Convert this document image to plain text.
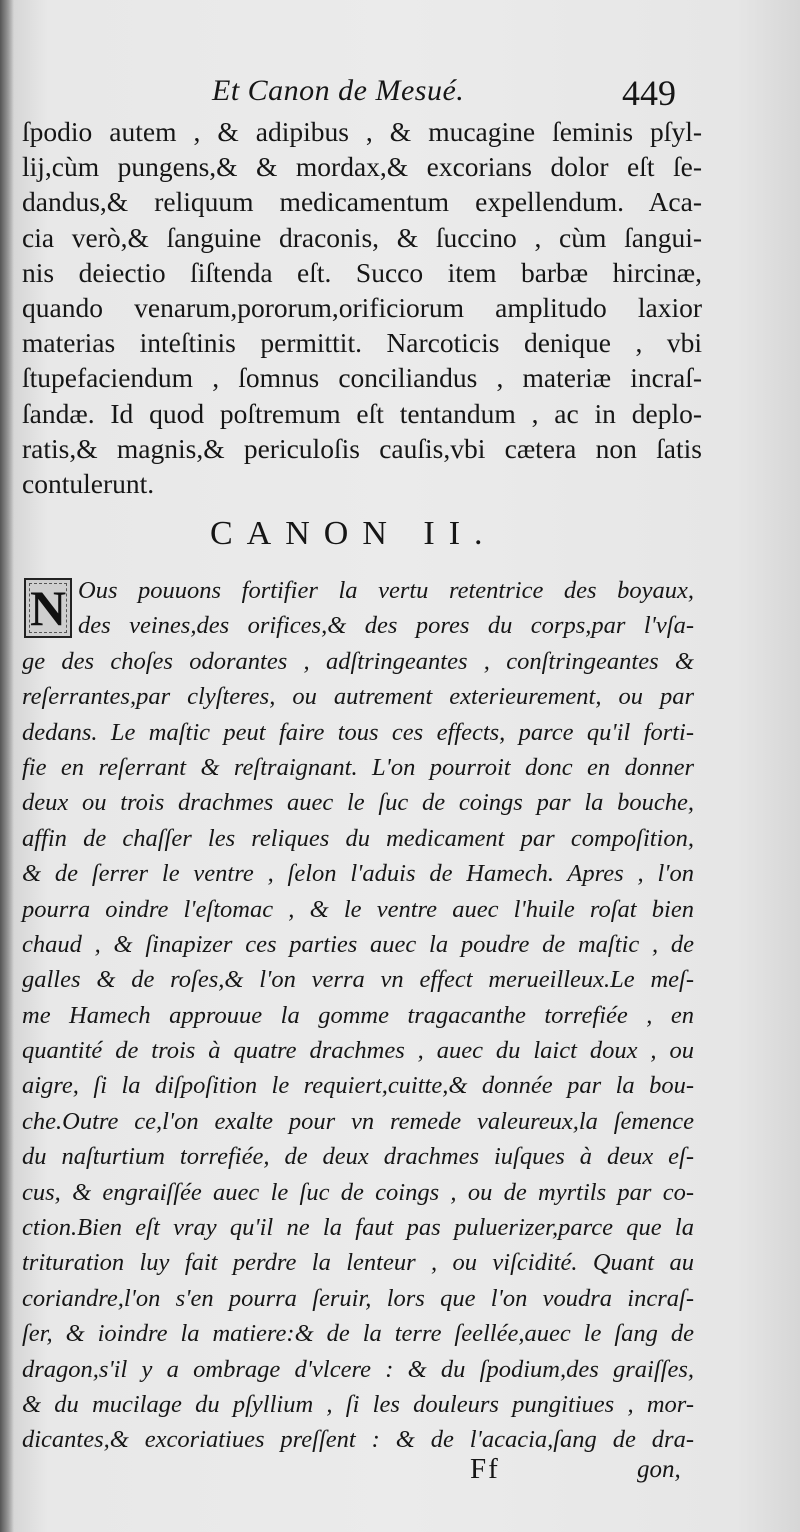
Et Canon de Mesué.	449
ſpodio autem , & adipibus , & mucagine ſeminis pſyl-
lij,cùm pungens,& & mordax,& excorians dolor eſt ſe-
dandus,& reliquum medicamentum expellendum. Aca-
cia verò,& ſanguine draconis, & ſuccino , cùm ſangui-
nis deiectio ſiſtenda eſt. Succo item barbæ hircinæ,
quando venarum,pororum,orificiorum amplitudo laxior
materias inteſtinis permittit. Narcoticis denique , vbi
ſtupefaciendum , ſomnus conciliandus , materiæ incraſ-
ſandæ. Id quod poſtremum eſt tentandum , ac in deplo-
ratis,& magnis,& periculoſis cauſis,vbi cætera non ſatis
contulerunt.
CANON II.
N Ous pouuons fortifier la vertu retentrice des boyaux,
des veines,des orifices,& des pores du corps,par l'vſa-
ge des choſes odorantes , adſtringeantes , conſtringeantes &
reſerrantes,par clyſteres, ou autrement exterieurement, ou par
dedans. Le maſtic peut faire tous ces effects, parce qu'il forti-
fie en reſerrant & reſtraignant. L'on pourroit donc en donner
deux ou trois drachmes auec le ſuc de coings par la bouche,
affin de chaſſer les reliques du medicament par compoſition,
& de ſerrer le ventre , ſelon l'aduis de Hamech. Apres , l'on
pourra oindre l'eſtomac , & le ventre auec l'huile roſat bien
chaud , & ſinapizer ces parties auec la poudre de maſtic , de
galles & de roſes,& l'on verra vn effect merueilleux.Le meſ-
me Hamech approuue la gomme tragacanthe torrefiée , en
quantité de trois à quatre drachmes , auec du laict doux , ou
aigre, ſi la diſpoſition le requiert,cuitte,& donnée par la bou-
che.Outre ce,l'on exalte pour vn remede valeureux,la ſemence
du naſturtium torrefiée, de deux drachmes iuſques à deux eſ-
cus, & engraiſſée auec le ſuc de coings , ou de myrtils par co-
ction.Bien eſt vray qu'il ne la faut pas puluerizer,parce que la
trituration luy fait perdre la lenteur , ou viſcidité. Quant au
coriandre,l'on s'en pourra ſeruir, lors que l'on voudra incraſ-
ſer, & ioindre la matiere:& de la terre ſeellée,auec le ſang de
dragon,s'il y a ombrage d'vlcere : & du ſpodium,des graiſſes,
& du mucilage du pſyllium , ſi les douleurs pungitiues , mor-
dicantes,& excoriatiues preſſent : & de l'acacia,ſang de dra-
Ff	gon,
